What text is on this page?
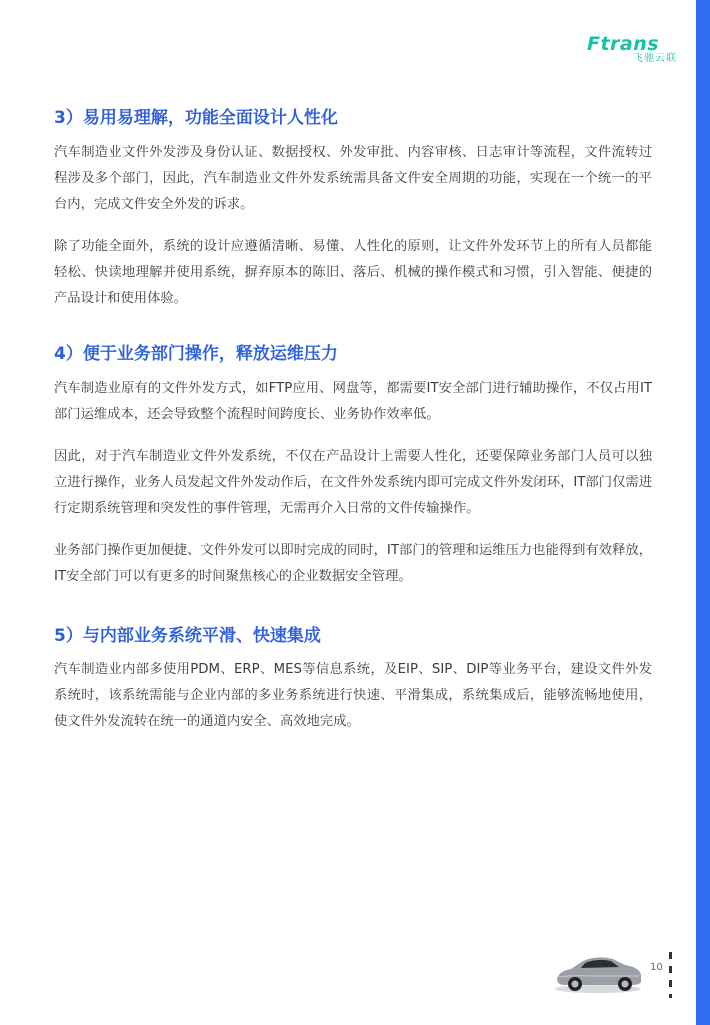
Ftrans
飞驰云联
3）易用易理解，功能全面设计人性化
汽车制造业文件外发涉及身份认证、数据授权、外发审批、内容审核、日志审计等流程，文件流转过程涉及多个部门，因此，汽车制造业文件外发系统需具备文件安全周期的功能，实现在一个统一的平台内，完成文件安全外发的诉求。
除了功能全面外，系统的设计应遵循清晰、易懂、人性化的原则，让文件外发环节上的所有人员都能轻松、快读地理解并使用系统，摒弃原本的陈旧、落后、机械的操作模式和习惯，引入智能、便捷的产品设计和使用体验。
4）便于业务部门操作，释放运维压力
汽车制造业原有的文件外发方式，如FTP应用、网盘等，都需要IT安全部门进行辅助操作，不仅占用IT部门运维成本，还会导致整个流程时间跨度长、业务协作效率低。
因此，对于汽车制造业文件外发系统，不仅在产品设计上需要人性化，还要保障业务部门人员可以独立进行操作，业务人员发起文件外发动作后，在文件外发系统内即可完成文件外发闭环，IT部门仅需进行定期系统管理和突发性的事件管理，无需再介入日常的文件传输操作。
业务部门操作更加便捷、文件外发可以即时完成的同时，IT部门的管理和运维压力也能得到有效释放，IT安全部门可以有更多的时间聚焦核心的企业数据安全管理。
5）与内部业务系统平滑、快速集成
汽车制造业内部多使用PDM、ERP、MES等信息系统，及EIP、SIP、DIP等业务平台，建设文件外发系统时，该系统需能与企业内部的多业务系统进行快速、平滑集成，系统集成后，能够流畅地使用，使文件外发流转在统一的通道内安全、高效地完成。
10
